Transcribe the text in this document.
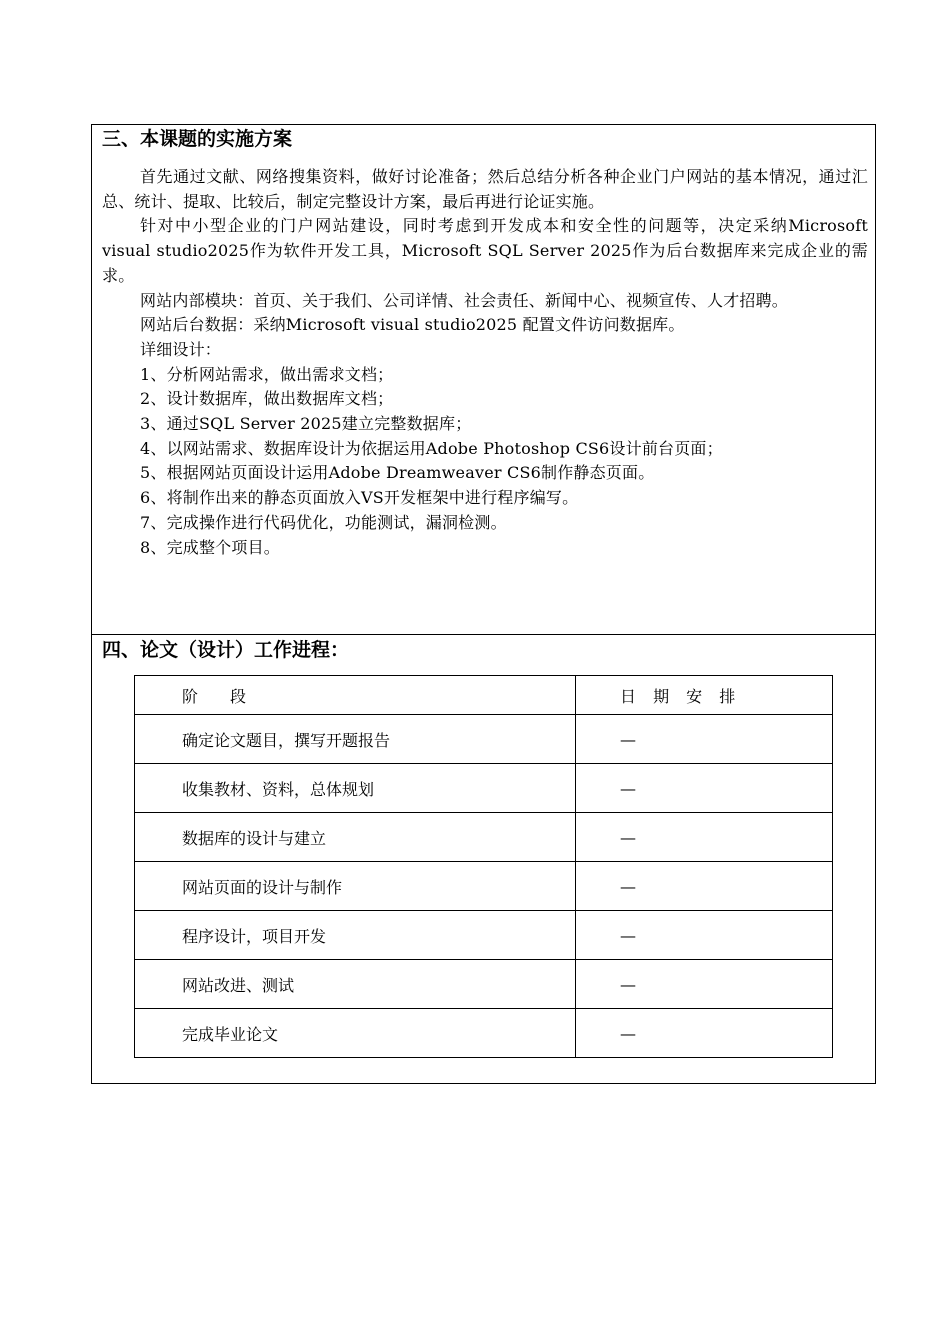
三、本课题的实施方案

首先通过文献、网络搜集资料，做好讨论准备；然后总结分析各种企业门户网站的基本情况，通过汇总、统计、提取、比较后，制定完整设计方案，最后再进行论证实施。

针对中小型企业的门户网站建设，同时考虑到开发成本和安全性的问题等，决定采纳Microsoft visual studio2025作为软件开发工具，Microsoft SQL Server 2025作为后台数据库来完成企业的需求。

网站内部模块：首页、关于我们、公司详情、社会责任、新闻中心、视频宣传、人才招聘。

网站后台数据：采纳Microsoft visual studio2025 配置文件访问数据库。

详细设计：

1、分析网站需求，做出需求文档；

2、设计数据库，做出数据库文档；

3、通过SQL Server 2025建立完整数据库；

4、以网站需求、数据库设计为依据运用Adobe Photoshop CS6设计前台页面；

5、根据网站页面设计运用Adobe Dreamweaver CS6制作静态页面。

6、将制作出来的静态页面放入VS开发框架中进行程序编写。

7、完成操作进行代码优化，功能测试，漏洞检测。

8、完成整个项目。

四、论文（设计）工作进程：
阶　　段	日 期 安 排
确定论文题目，撰写开题报告	—
收集教材、资料，总体规划	—
数据库的设计与建立	—
网站页面的设计与制作	—
程序设计，项目开发	—
网站改进、测试	—
完成毕业论文	—
